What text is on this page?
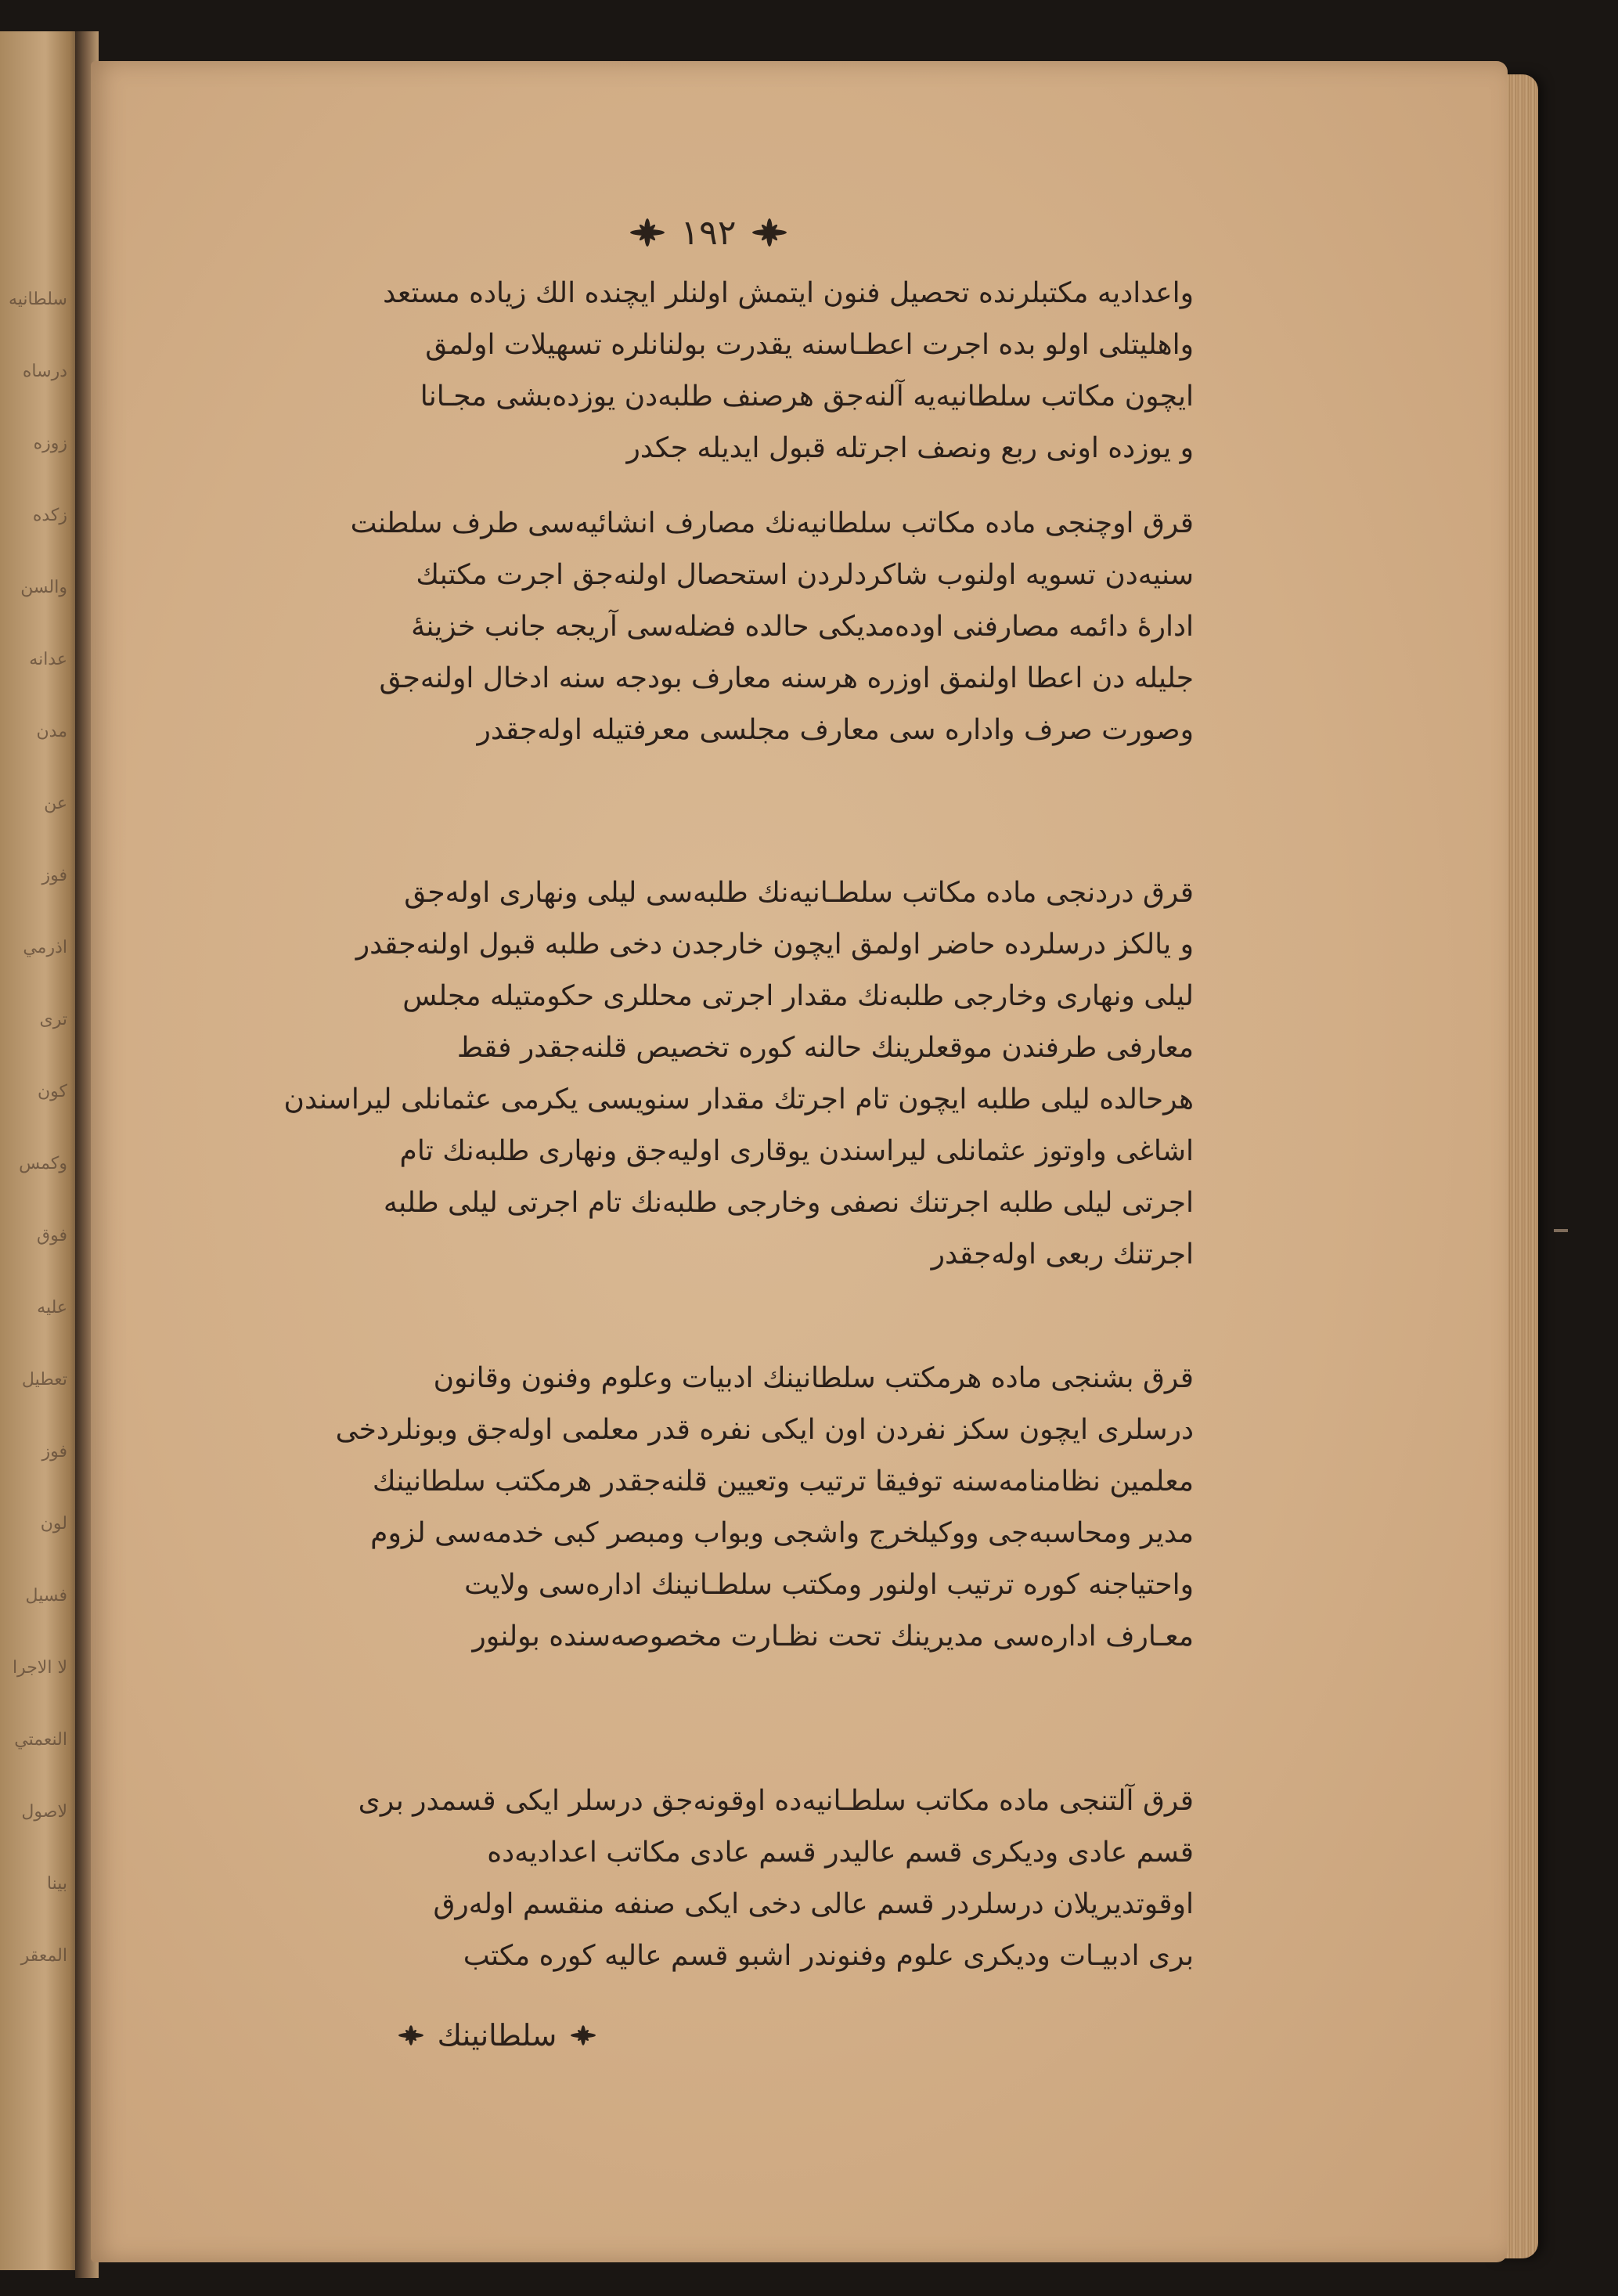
سلطانيه
درساه
زوزه
زكده
والسن
عدانه
مدن
عن
فوز
اذرمي
ترى
كون
وكمس
فوق
عليه
تعطيل
فوز
لون
فسيل
لا الاجرا
النعمتي
لاصول
بينا
المعقر
١٩٢
واعداديه مكتبلرنده تحصيل فنون ايتمش اولنلر ايچنده الك زياده مستعد
واهليتلى اولو بده اجرت اعطـاسنه يقدرت بولنانلره تسهيلات اولمق
ايچون مكاتب سلطانيه‌يه آلنه‌جق هرصنف طلبه‌دن يوزده‌بشى مجـانا
و يوزده اونى ربع ونصف اجرتله قبول ايديله جكدر
قرق اوچنجى ماده مكاتب سلطانيه‌نك مصارف انشائيه‌سى طرف سلطنت
سنيه‌دن تسويه اولنوب شاكردلردن استحصال اولنه‌جق اجرت مكتبك
اداره‌ٔ دائمه مصارفنى اوده‌مديكى حالده فضله‌سى آريجه جانب خزينهٔ
جليله دن اعطا اولنمق اوزره هرسنه معارف بودجه سنه ادخال اولنه‌جق
وصورت صرف واداره سى معارف مجلسى معرفتيله اوله‌جقدر
قرق دردنجى ماده مكاتب سلطـانيه‌نك طلبه‌سى ليلى ونهارى اوله‌جق
و يالكز درسلرده حاضر اولمق ايچون خارجدن دخى طلبه قبول اولنه‌جقدر
ليلى ونهارى وخارجى طلبه‌نك مقدار اجرتى محللرى حكومتيله مجلس
معارفى طرفندن موقعلرينك حالنه كوره تخصيص قلنه‌جقدر فقط
هرحالده ليلى طلبه ايچون تام اجرتك مقدار سنويسى يكرمى عثمانلى ليراسندن
اشاغى واوتوز عثمانلى ليراسندن يوقارى اوليه‌جق ونهارى طلبه‌نك تام
اجرتى ليلى طلبه اجرتنك نصفى وخارجى طلبه‌نك تام اجرتى ليلى طلبه
اجرتنك ربعى اوله‌جقدر
قرق بشنجى ماده هرمكتب سلطانينك ادبيات وعلوم وفنون وقانون
درسلرى ايچون سكز نفردن اون ايكى نفره قدر معلمى اوله‌جق وبونلردخى
معلمين نظامنامه‌سنه توفيقا ترتيب وتعيين قلنه‌جقدر هرمكتب سلطانينك
مدير ومحاسبه‌جى ووكيلخرج واشجى وبواب ومبصر كبى خدمه‌سى لزوم
واحتياجنه كوره ترتيب اولنور ومكتب سلطـانينك اداره‌سى ولايت
معـارف اداره‌سى مديرينك تحت نظـارت مخصوصه‌سنده بولنور
قرق آلتنجى ماده مكاتب سلطـانيه‌ده اوقونه‌جق درسلر ايكى قسمدر برى
قسم عادى وديكرى قسم عاليدر قسم عادى مكاتب اعداديه‌ده
اوقوتديريلان درسلردر قسم عالى دخى ايكى صنفه منقسم اوله‌رق
برى ادبيـات وديكرى علوم وفنوندر اشبو قسم عاليه كوره مكتب
سلطانينك
